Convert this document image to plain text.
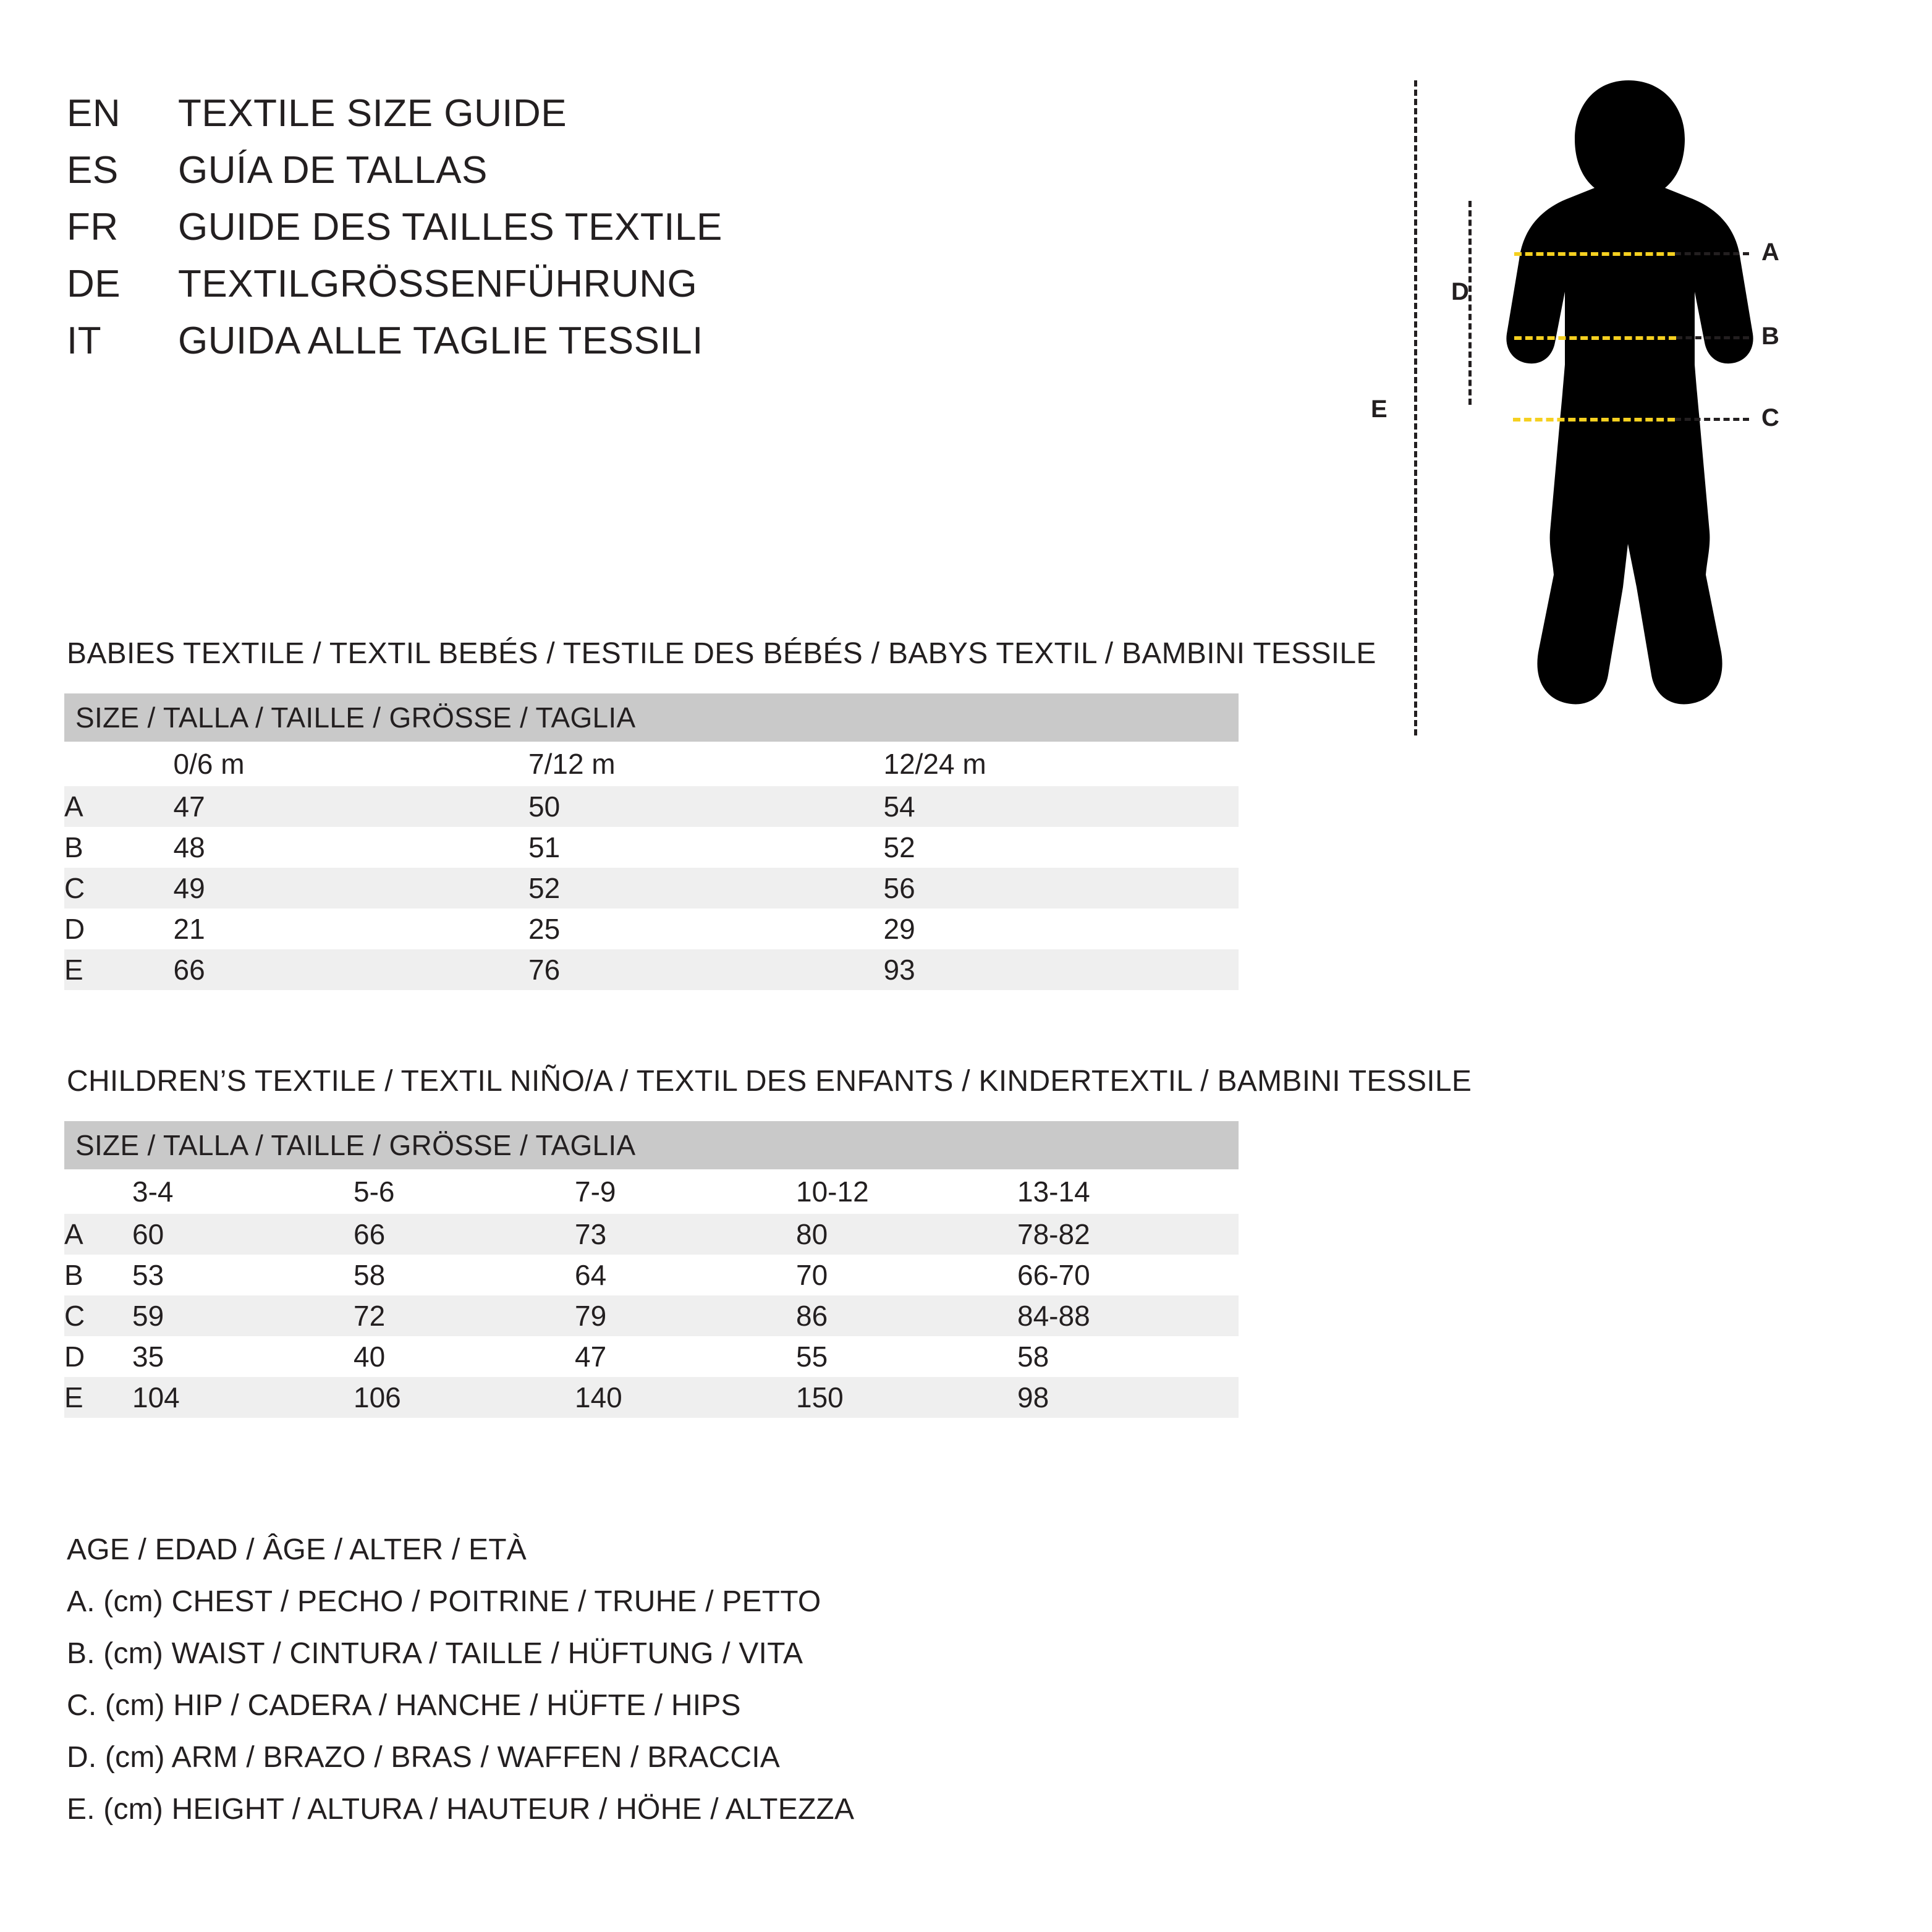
EN	TEXTILE SIZE GUIDE
ES	GUÍA DE TALLAS
FR	GUIDE DES TAILLES TEXTILE
DE	TEXTILGRÖSSENFÜHRUNG
IT	GUIDA ALLE TAGLIE TESSILI
BABIES TEXTILE / TEXTIL BEBÉS / TESTILE DES BÉBÉS / BABYS TEXTIL / BAMBINI TESSILE
SIZE / TALLA / TAILLE / GRÖSSE / TAGLIA			
	0/6 m	7/12 m	12/24 m
A	47	50	54
B	48	51	52
C	49	52	56
D	21	25	29
E	66	76	93
CHILDREN’S TEXTILE / TEXTIL NIÑO/A / TEXTIL DES ENFANTS / KINDERTEXTIL / BAMBINI TESSILE
SIZE / TALLA / TAILLE / GRÖSSE / TAGLIA					
	3-4	5-6	7-9	10-12	13-14
A	60	66	73	80	78-82
B	53	58	64	70	66-70
C	59	72	79	86	84-88
D	35	40	47	55	58
E	104	106	140	150	98
AGE / EDAD / ÂGE / ALTER / ETÀ
A. (cm) CHEST / PECHO / POITRINE / TRUHE / PETTO
B. (cm) WAIST / CINTURA / TAILLE / HÜFTUNG / VITA
C. (cm) HIP / CADERA / HANCHE / HÜFTE / HIPS
D. (cm) ARM / BRAZO / BRAS / WAFFEN / BRACCIA
E. (cm) HEIGHT / ALTURA / HAUTEUR / HÖHE / ALTEZZA
E
D
A
B
C
